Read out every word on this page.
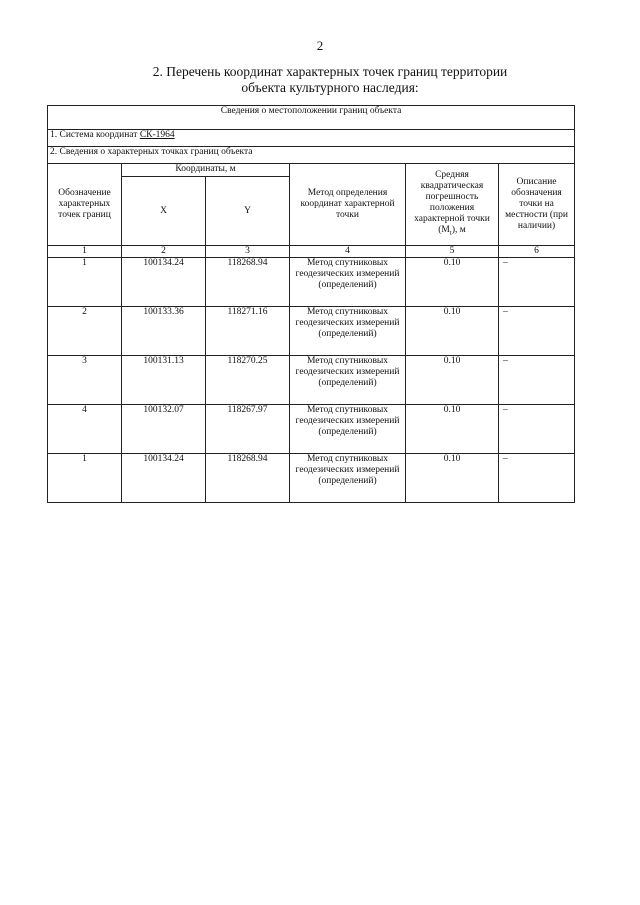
2
2. Перечень координат характерных точек границ территории
объекта культурного наследия:
Сведения о местоположении границ объекта					
1. Система координат СК-1964					
2. Сведения о характерных точках границ объекта					
Обозначение характерных точек границ	Координаты, м		Метод определения координат характерной точки	Средняя квадратическая погрешность положения характерной точки $(M_t)$, м	Описание обозначения точки на местности (при наличии)
	X	Y			
1	2	3	4	5	6
1	100134.24	118268.94	Метод спутниковых геодезических измерений (определений)	0.10	–
2	100133.36	118271.16	Метод спутниковых геодезических измерений (определений)	0.10	–
3	100131.13	118270.25	Метод спутниковых геодезических измерений (определений)	0.10	–
4	100132.07	118267.97	Метод спутниковых геодезических измерений (определений)	0.10	–
1	100134.24	118268.94	Метод спутниковых геодезических измерений (определений)	0.10	–
